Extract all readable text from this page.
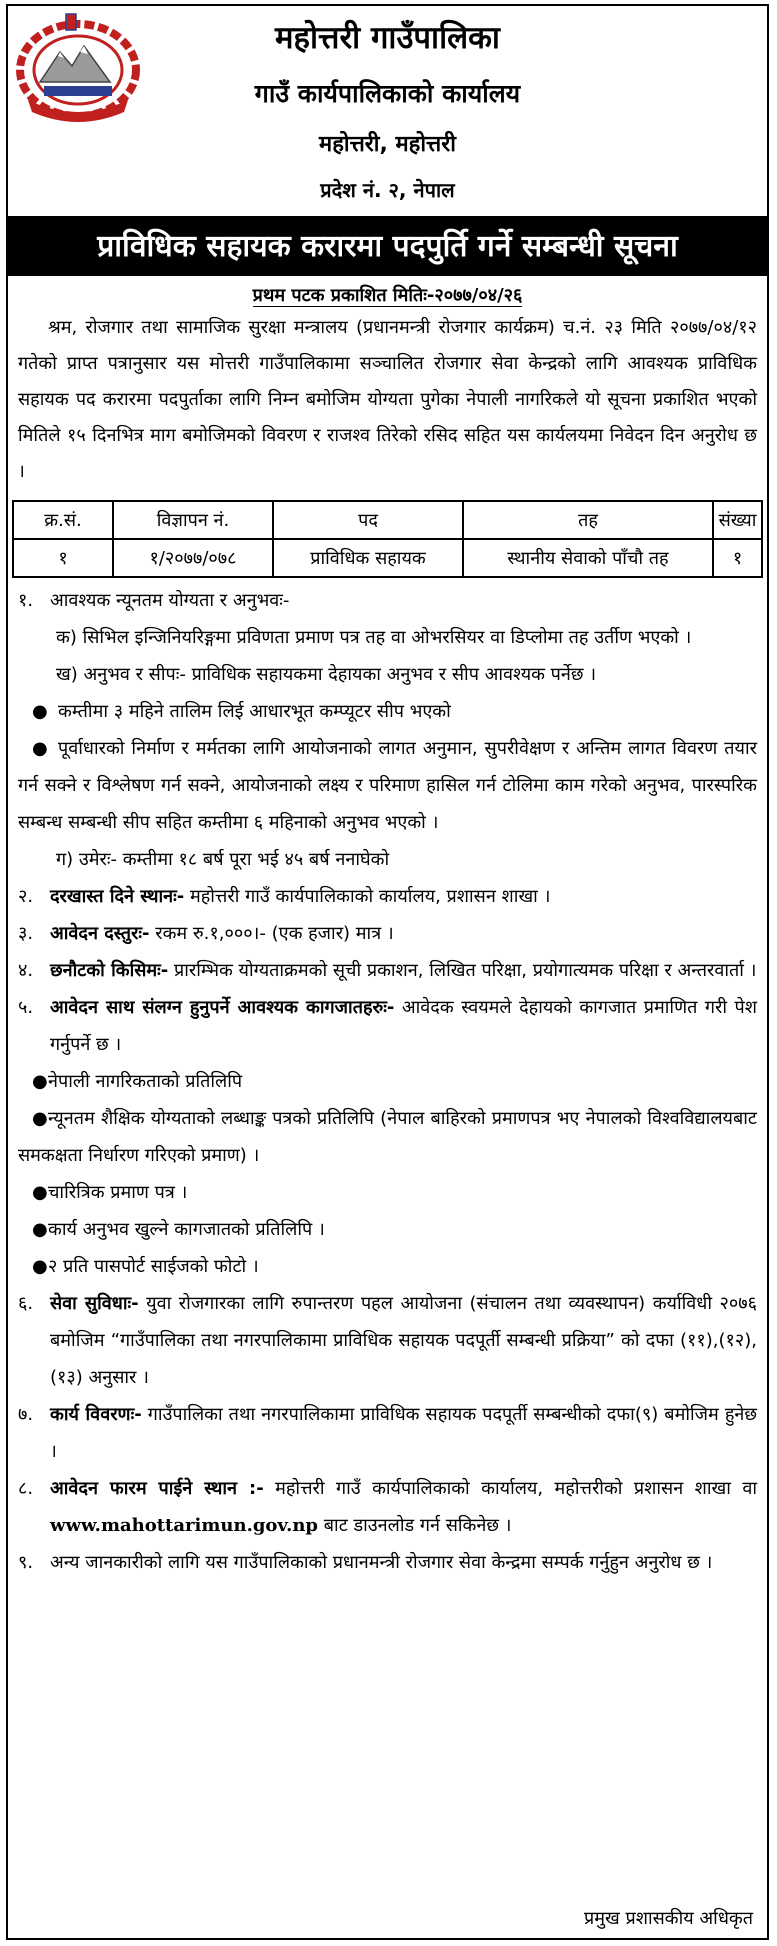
महोत्तरी गाउँपालिका
गाउँ कार्यपालिकाको कार्यालय
महोत्तरी, महोत्तरी
प्रदेश नं. २, नेपाल
प्राविधिक सहायक करारमा पदपुर्ति गर्ने सम्बन्धी सूचना
प्रथम पटक प्रकाशित मितिः-२०७७/०४/२६

श्रम, रोजगार तथा सामाजिक सुरक्षा मन्त्रालय (प्रधानमन्त्री रोजगार कार्यक्रम) च.नं. २३ मिति २०७७/०४/१२ गतेको प्राप्त पत्रानुसार यस मोत्तरी गाउँपालिकामा सञ्चालित रोजगार सेवा केन्द्रको लागि आवश्यक प्राविधिक सहायक पद करारमा पदपुर्ताका लागि निम्न बमोजिम योग्यता पुगेका नेपाली नागरिकले यो सूचना प्रकाशित भएको मितिले १५ दिनभित्र माग बमोजिमको विवरण र राजश्व तिरेको रसिद सहित यस कार्यलयमा निवेदन दिन अनुरोध छ ।

क्र.सं.	विज्ञापन नं.	पद	तह	संख्या
१	१/२०७७/०७८	प्राविधिक सहायक	स्थानीय सेवाको पाँचौ तह	१
१. आवश्यक न्यूनतम योग्यता र अनुभवः-
क) सिभिल इन्जिनियरिङ्गमा प्रविणता प्रमाण पत्र तह वा ओभरसियर वा डिप्लोमा तह उर्तीण भएको ।
ख) अनुभव र सीपः- प्राविधिक सहायकमा देहायका अनुभव र सीप आवश्यक पर्नेछ ।
● कम्तीमा ३ महिने तालिम लिई आधारभूत कम्प्यूटर सीप भएको
● पूर्वाधारको निर्माण र मर्मतका लागि आयोजनाको लागत अनुमान, सुपरीवेक्षण र अन्तिम लागत विवरण तयार गर्न सक्ने र विश्लेषण गर्न सक्ने, आयोजनाको लक्ष्य र परिमाण हासिल गर्न टोलिमा काम गरेको अनुभव, पारस्परिक सम्बन्ध सम्बन्धी सीप सहित कम्तीमा ६ महिनाको अनुभव भएको ।
ग) उमेरः- कम्तीमा १८ बर्ष पूरा भई ४५ बर्ष ननाघेको
२. दरखास्त दिने स्थानः- महोत्तरी गाउँ कार्यपालिकाको कार्यालय, प्रशासन शाखा ।
३. आवेदन दस्तुरः- रकम रु.१,०००।- (एक हजार) मात्र ।
४. छनौटको किसिमः- प्रारम्भिक योग्यताक्रमको सूची प्रकाशन, लिखित परिक्षा, प्रयोगात्यमक परिक्षा र अन्तरवार्ता ।
५. आवेदन साथ संलग्न हुनुपर्ने आवश्यक कागजातहरुः- आवेदक स्वयमले देहायको कागजात प्रमाणित गरी पेश गर्नुपर्ने छ ।
●नेपाली नागरिकताको प्रतिलिपि
●न्यूनतम शैक्षिक योग्यताको लब्धाङ्क पत्रको प्रतिलिपि (नेपाल बाहिरको प्रमाणपत्र भए नेपालको विश्वविद्यालयबाट समकक्षता निर्धारण गरिएको प्रमाण) ।
●चारित्रिक प्रमाण पत्र ।
●कार्य अनुभव खुल्ने कागजातको प्रतिलिपि ।
●२ प्रति पासपोर्ट साईजको फोटो ।
६. सेवा सुविधाः- युवा रोजगारका लागि रुपान्तरण पहल आयोजना (संचालन तथा व्यवस्थापन) कर्याविधी २०७६ बमोजिम “गाउँपालिका तथा नगरपालिकामा प्राविधिक सहायक पदपूर्ती सम्बन्धी प्रक्रिया” को दफा (११),(१२),(१३) अनुसार ।
७. कार्य विवरणः- गाउँपालिका तथा नगरपालिकामा प्राविधिक सहायक पदपूर्ती सम्बन्धीको दफा(९) बमोजिम हुनेछ ।
८. आवेदन फारम पाईने स्थान :- महोत्तरी गाउँ कार्यपालिकाको कार्यालय, महोत्तरीको प्रशासन शाखा वा www.mahottarimun.gov.np बाट डाउनलोड गर्न सकिनेछ ।
९. अन्य जानकारीको लागि यस गाउँपालिकाको प्रधानमन्त्री रोजगार सेवा केन्द्रमा सम्पर्क गर्नुहुन अनुरोध छ ।
प्रमुख प्रशासकीय अधिकृत
